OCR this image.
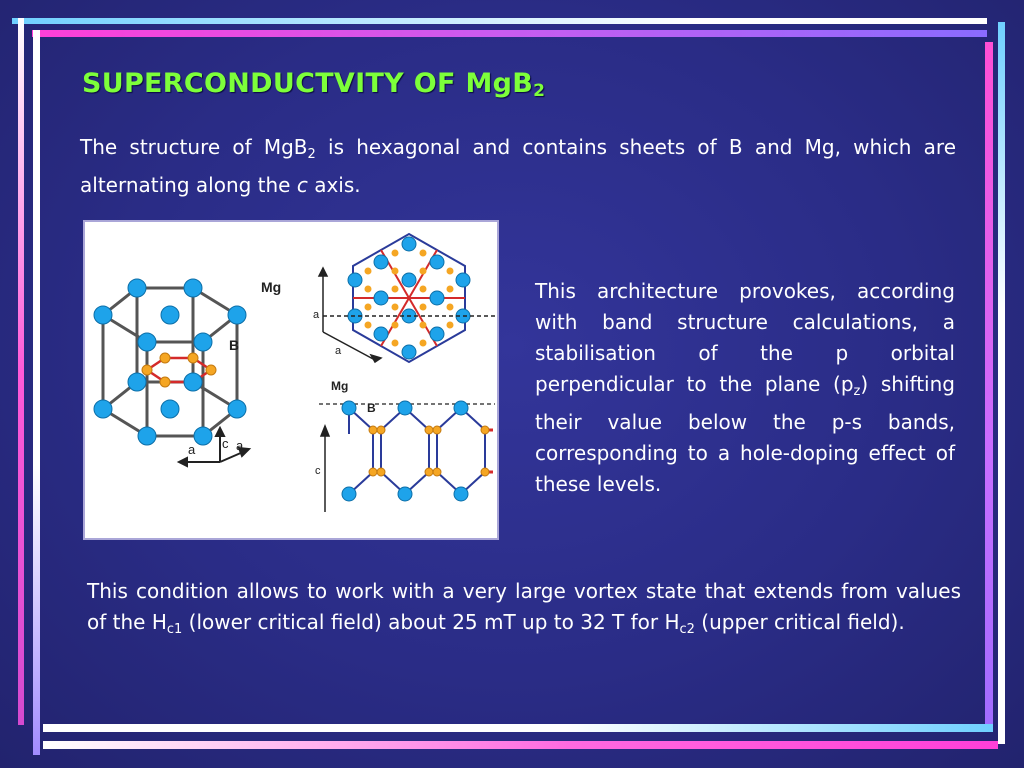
SUPERCONDUCTVITY OF MgB$_2$
The structure of MgB$_2$ is hexagonal and contains sheets of B and Mg, which are alternating along the c axis.
Mg
B
a c a
a
a
Mg
B
c
This architecture provokes, according with band structure calculations, a stabilisation of the p orbital perpendicular to the plane $(p_z)$ shifting their value below the p-s bands, corresponding to a hole-doping effect of these levels.
This condition allows to work with a very large vortex state that extends from values of the $H_{c1}$ (lower critical field) about 25 mT up to 32 T for $H_{c2}$ (upper critical field).
